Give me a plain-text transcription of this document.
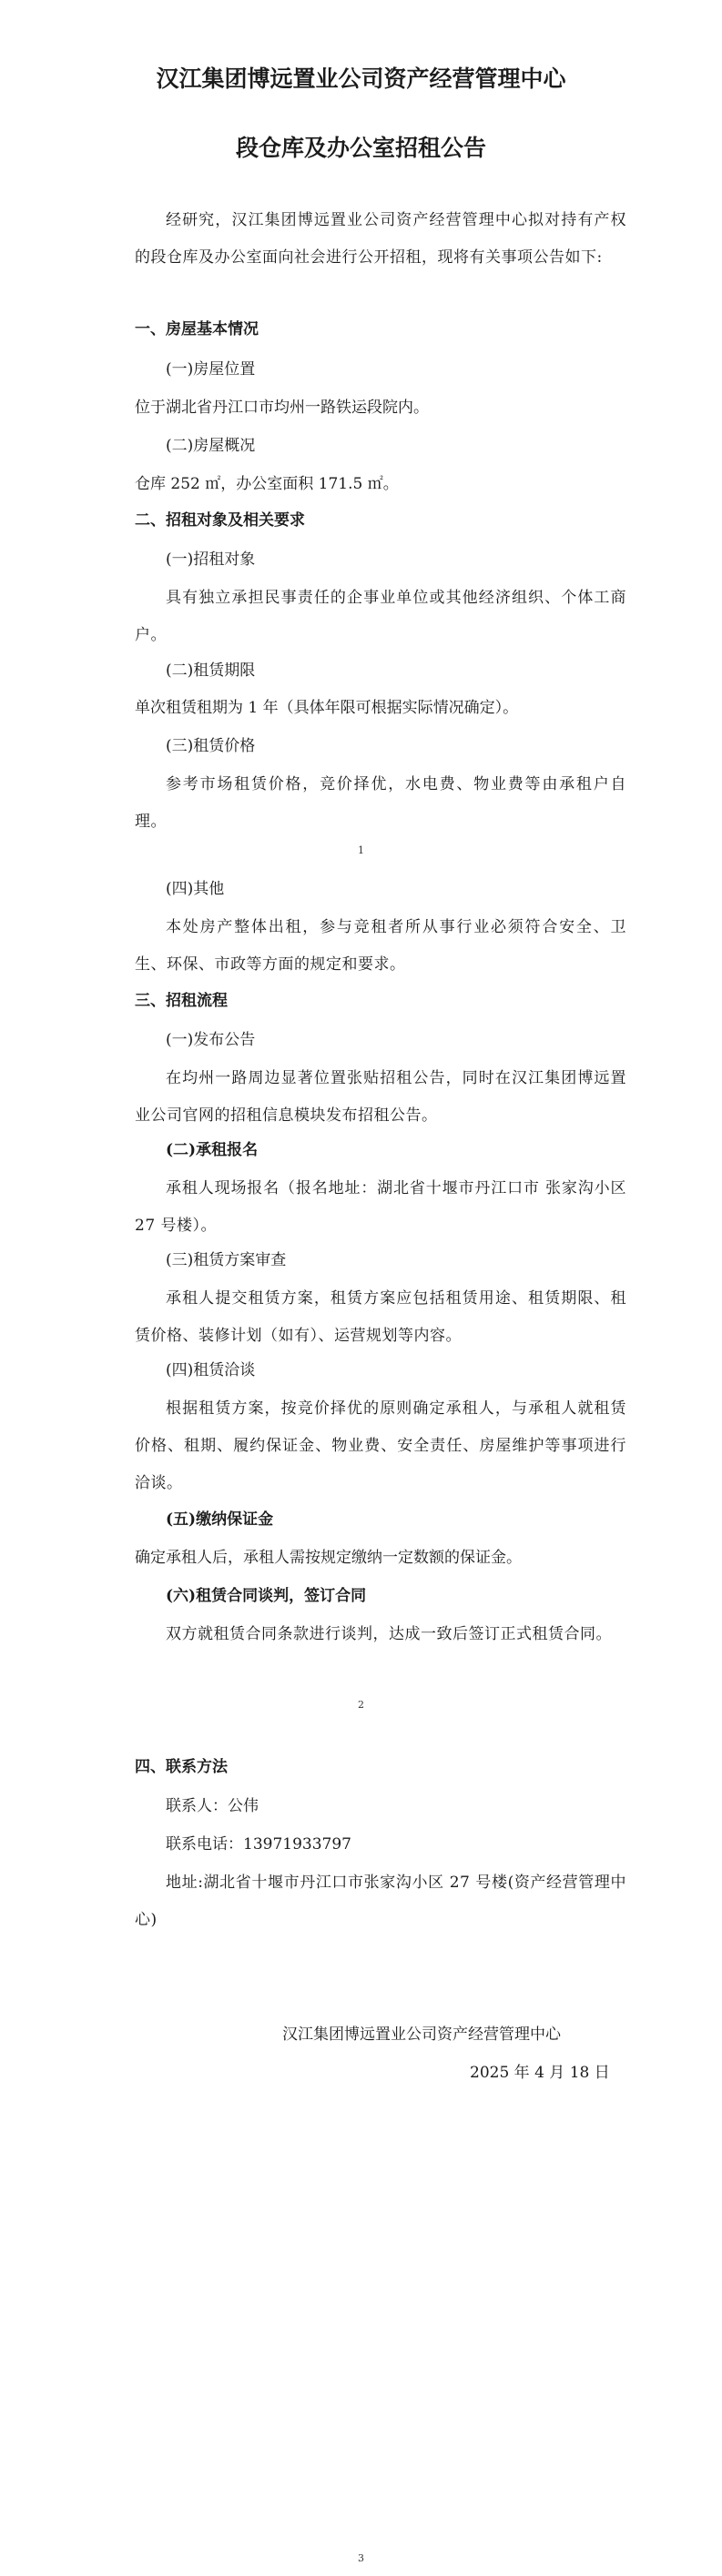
汉江集团博远置业公司资产经营管理中心
段仓库及办公室招租公告
经研究，汉江集团博远置业公司资产经营管理中心拟对持有产权的段仓库及办公室面向社会进行公开招租，现将有关事项公告如下:
一、房屋基本情况
(一)房屋位置
位于湖北省丹江口市均州一路铁运段院内。
(二)房屋概况
仓库 252 ㎡，办公室面积 171.5 ㎡。
二、招租对象及相关要求
(一)招租对象
具有独立承担民事责任的企事业单位或其他经济组织、个体工商户。
(二)租赁期限
单次租赁租期为 1 年（具体年限可根据实际情况确定）。
(三)租赁价格
参考市场租赁价格，竞价择优，水电费、物业费等由承租户自理。
1
(四)其他
本处房产整体出租，参与竞租者所从事行业必须符合安全、卫生、环保、市政等方面的规定和要求。
三、招租流程
(一)发布公告
在均州一路周边显著位置张贴招租公告，同时在汉江集团博远置业公司官网的招租信息模块发布招租公告。
(二)承租报名
承租人现场报名（报名地址：湖北省十堰市丹江口市 张家沟小区 27 号楼）。
(三)租赁方案审查
承租人提交租赁方案，租赁方案应包括租赁用途、租赁期限、租赁价格、装修计划（如有）、运营规划等内容。
(四)租赁洽谈
根据租赁方案，按竞价择优的原则确定承租人，与承租人就租赁价格、租期、履约保证金、物业费、安全责任、房屋维护等事项进行洽谈。
(五)缴纳保证金
确定承租人后，承租人需按规定缴纳一定数额的保证金。
(六)租赁合同谈判，签订合同
双方就租赁合同条款进行谈判，达成一致后签订正式租赁合同。
2
四、联系方法
联系人：公伟
联系电话：13971933797
地址:湖北省十堰市丹江口市张家沟小区 27 号楼(资产经营管理中心)
汉江集团博远置业公司资产经营管理中心
2025 年 4 月 18 日
3
